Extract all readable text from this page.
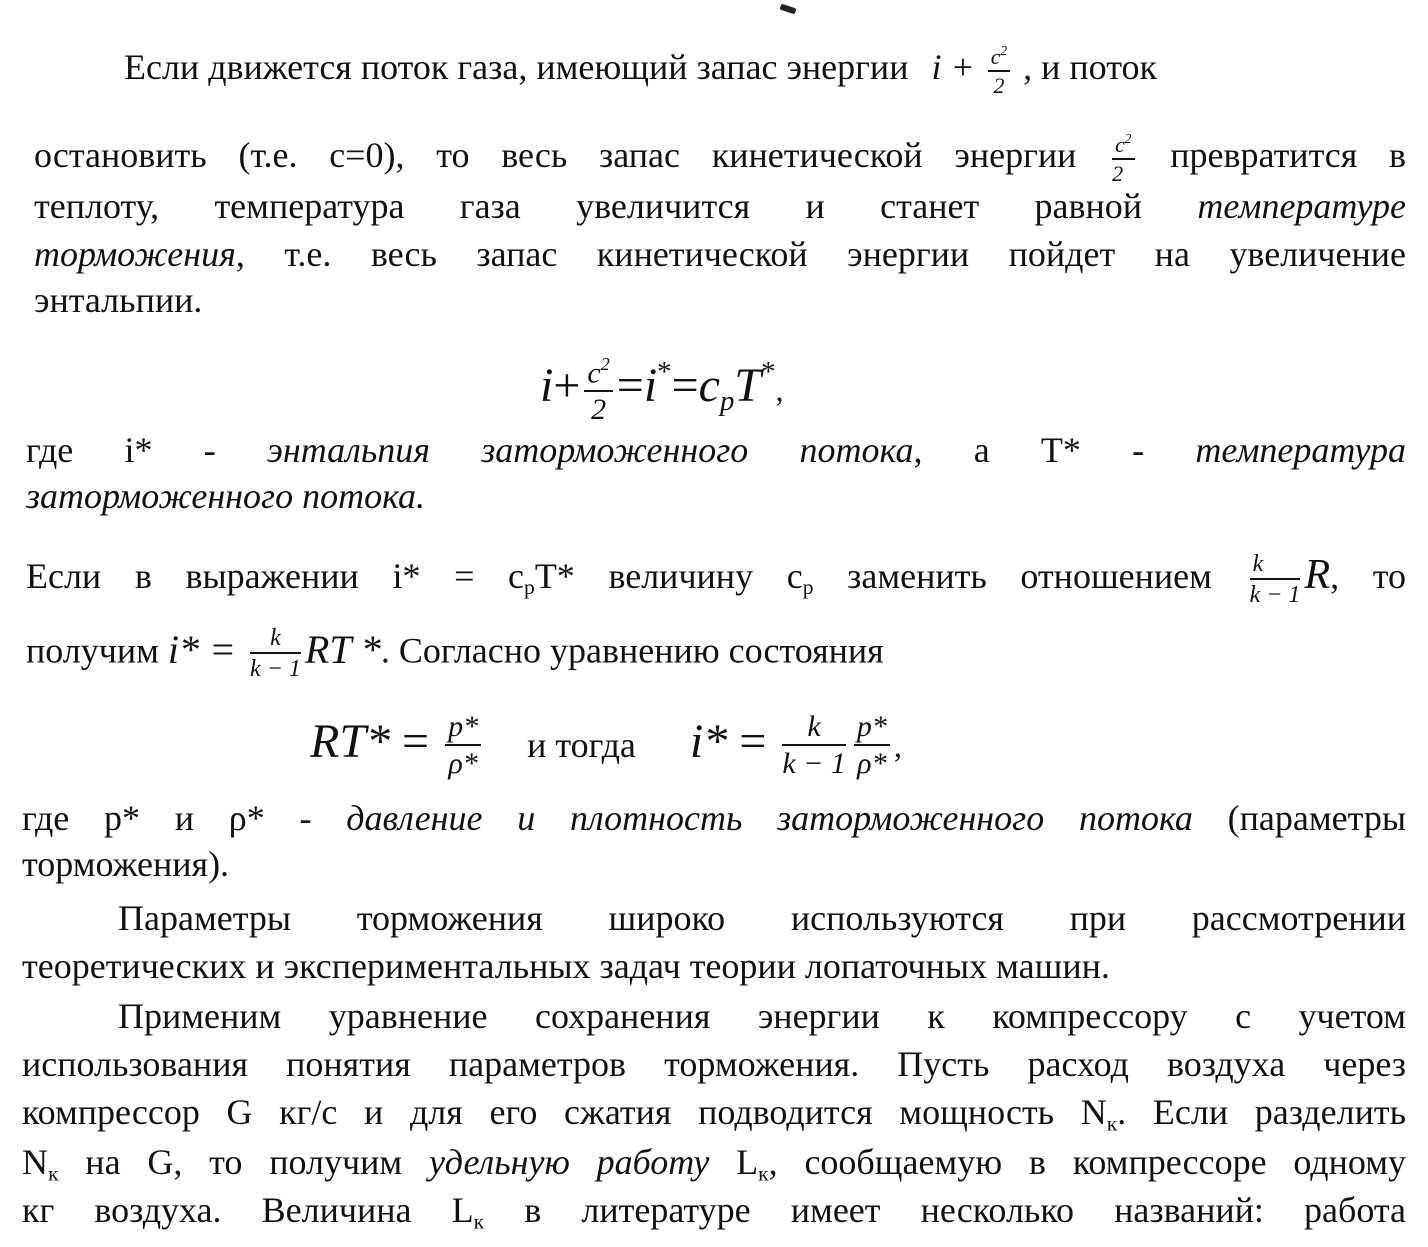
Если движется поток газа, имеющий запас энергии $i + \frac{c^2}{2}$ , и поток
остановить (т.е. с=0), то весь запас кинетической энергии $\frac{c^2}{2}$ превратится в
теплоту, температура газа увеличится и станет равной температуре
торможения, т.е. весь запас кинетической энергии пойдет на увеличение
энтальпии.
$i+ \frac{c^2}{2} =i^*=c_pT^*$,
где i* - энтальпия заторможенного потока, а Т* - температура
заторможенного потока.
Если в выражении $i* = c_pT*$ величину $c_p$ заменить отношением $\frac{k}{k - 1} R$, то
получим $i* = \frac{k}{k - 1}$ RT *. Согласно уравнению состояния
$RT* = \frac{p*}{\rho*}$ и тогда $i* = \frac{k}{k - 1} \frac{p*}{\rho*}$ ,
где р* и ρ* - давление и плотность заторможенного потока (параметры
торможения).
Параметры торможения широко используются при рассмотрении
теоретических и экспериментальных задач теории лопаточных машин.
Применим уравнение сохранения энергии к компрессору с учетом
использования понятия параметров торможения. Пусть расход воздуха через
компрессор G кг/с и для его сжатия подводится мощность $N_к$. Если разделить
$N_к$ на G, то получим удельную работу $L_к$, сообщаемую в компрессоре одному
кг воздуха. Величина $L_к$ в литературе имеет несколько названий: работа
